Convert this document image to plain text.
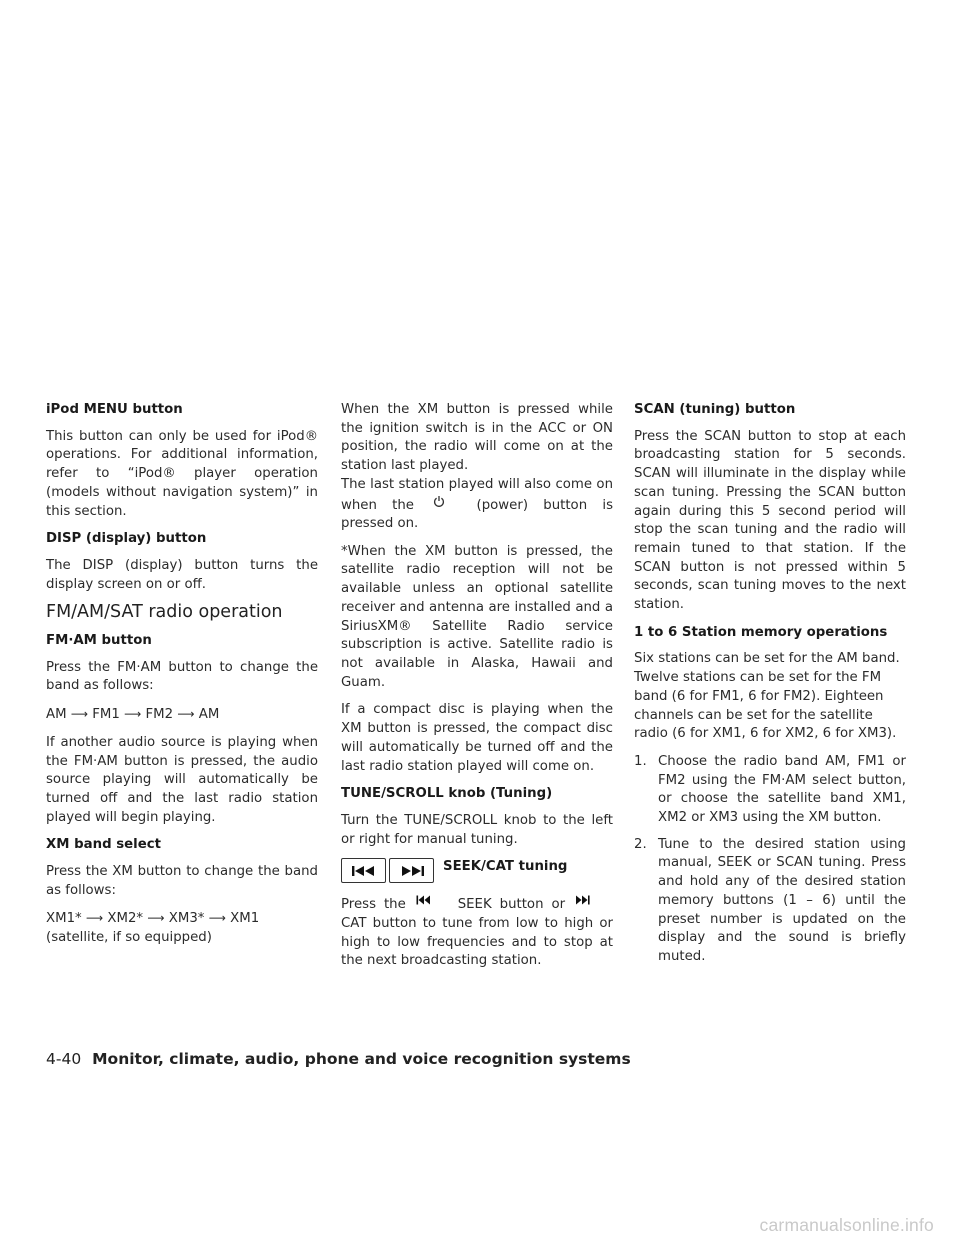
iPod MENU button

This button can only be used for iPod® operations. For additional information, refer to “iPod® player operation (models without navigation system)” in this section.

DISP (display) button

The DISP (display) button turns the display screen on or off.

FM/AM/SAT radio operation
FM·AM button

Press the FM·AM button to change the band as follows:

AM ⟶ FM1 ⟶ FM2 ⟶ AM

If another audio source is playing when the FM·AM button is pressed, the audio source playing will automatically be turned off and the last radio station played will begin playing.

XM band select

Press the XM button to change the band as follows:

XM1* ⟶ XM2* ⟶ XM3* ⟶ XM1 (satellite, if so equipped)

When the XM button is pressed while the ignition switch is in the ACC or ON position, the radio will come on at the station last played.

The last station played will also come on when the	(power) button is pressed on.

*When the XM button is pressed, the satellite radio reception will not be available unless an optional satellite receiver and antenna are installed and a SiriusXM® Satellite Radio service subscription is active. Satellite radio is not available in Alaska, Hawaii and Guam.

If a compact disc is playing when the XM button is pressed, the compact disc will automatically be turned off and the last radio station played will come on.

TUNE/SCROLL knob (Tuning)

Turn the TUNE/SCROLL knob to the left or right for manual tuning.

SEEK/CAT tuning

Press the	SEEK button or  CAT button to tune from low to high or high to low frequencies and to stop at the next broadcasting station.

SCAN (tuning) button

Press the SCAN button to stop at each broadcasting station for 5 seconds. SCAN will illuminate in the display while scan tuning. Pressing the SCAN button again during this 5 second period will stop the scan tuning and the radio will remain tuned to that station. If the SCAN button is not pressed within 5 seconds, scan tuning moves to the next station.

1 to 6 Station memory operations

Six stations can be set for the AM band. Twelve stations can be set for the FM band (6 for FM1, 6 for FM2). Eighteen channels can be set for the satellite radio (6 for XM1, 6 for XM2, 6 for XM3).

1. Choose the radio band AM, FM1 or FM2 using the FM·AM select button, or choose the satellite band XM1, XM2 or XM3 using the XM button.
2. Tune to the desired station using manual, SEEK or SCAN tuning. Press and hold any of the desired station memory buttons (1 – 6) until the preset number is updated on the display and the sound is briefly muted.
4-40 Monitor, climate, audio, phone and voice recognition systems
carmanualsonline.info
